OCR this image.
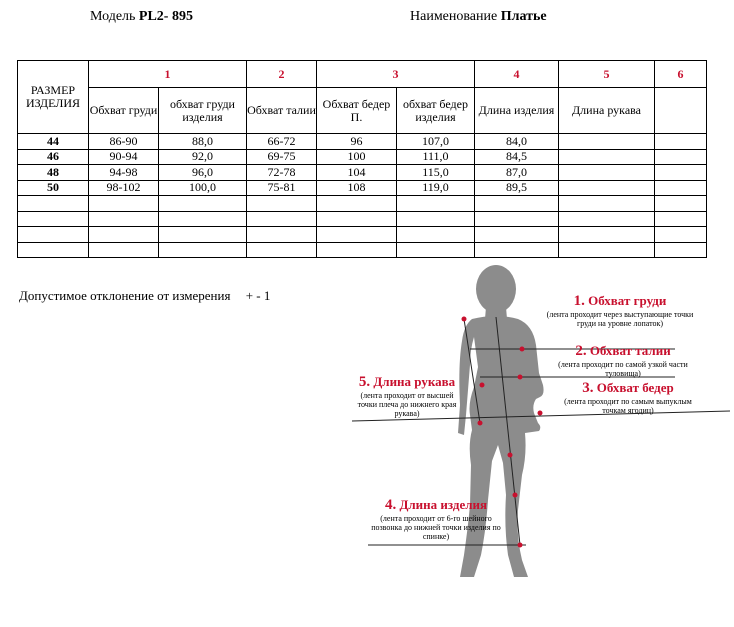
Модель PL2- 895	Наименование Платье
РАЗМЕР ИЗДЕЛИЯ	1		2	3		4	5	6
	Обхват груди	обхват груди изделия	Обхват талии	Обхват бедер П.	обхват бедер изделия	Длина изделия	Длина рукава	
44	86-90	88,0	66-72	96	107,0	84,0		
46	90-94	92,0	69-75	100	111,0	84,5		
48	94-98	96,0	72-78	104	115,0	87,0		
50	98-102	100,0	75-81	108	119,0	89,5		

Допустимое отклонение от измерения + - 1	1. Обхват груди
(лента проходит через выступающие точки груди на уровне лопаток)
2. Обхват талии
(лента проходит по самой узкой части туловища)
3. Обхват бедер
(лента проходит по самым выпуклым точкам ягодиц)
5. Длина рукава
(лента проходит от высшей точки плеча до нижнего края рукава)
4. Длина изделия
(лента проходит от 6-го шейного позвонка до нижней точки изделия по спинке)
